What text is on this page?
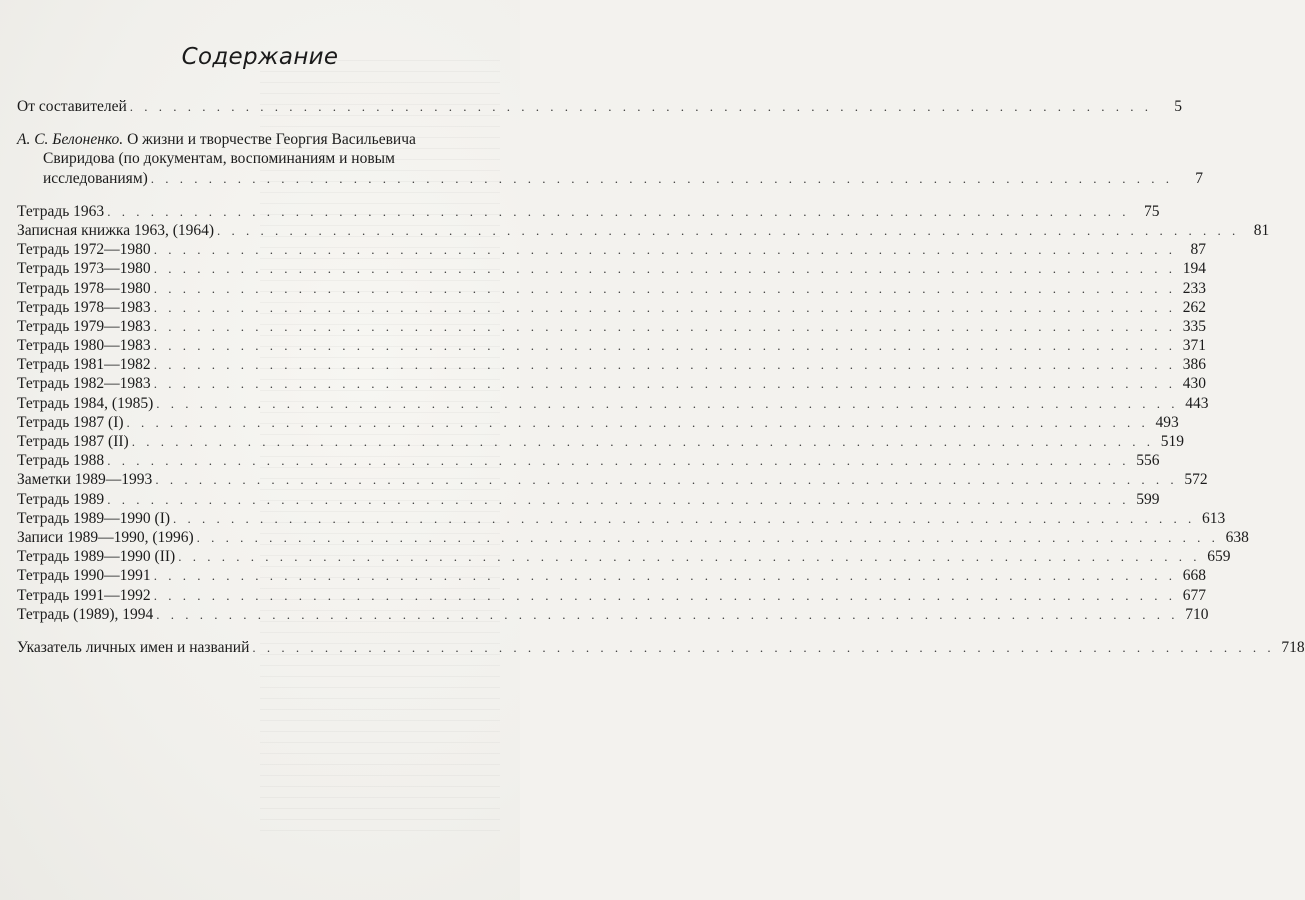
Содержание
От составителей . . . . . . . . . . . . . . . . . . . . . . . . . . . . . . . . . . . . . . . . . . . . . . . . . . . . . . . . . . . . . . . . . . . . . . .	5
А. С. Белоненко. О жизни и творчестве Георгия Васильевича
Свиридова (по документам, воспоминаниям и новым
исследованиям) . . . . . . . . . . . . . . . . . . . . . . . . . . . . . . . . . . . . . . . . . . . . . . . . . . . . . . . . . . . . . . . . . . . . . . .	7
Тетрадь 1963 . . . . . . . . . . . . . . . . . . . . . . . . . . . . . . . . . . . . . . . . . . . . . . . . . . . . . . . . . . . . . . . . . . . . . . . 75
Записная книжка 1963, (1964) . . . . . . . . . . . . . . . . . . . . . . . . . . . . . . . . . . . . . . . . . . . . . . . . . . . . . . . . . . . . . . . . . . . . . . . 81
Тетрадь 1972—1980 . . . . . . . . . . . . . . . . . . . . . . . . . . . . . . . . . . . . . . . . . . . . . . . . . . . . . . . . . . . . . . . . . . . . . . . 87
Тетрадь 1973—1980 . . . . . . . . . . . . . . . . . . . . . . . . . . . . . . . . . . . . . . . . . . . . . . . . . . . . . . . . . . . . . . . . . . . . . . . 194
Тетрадь 1978—1980 . . . . . . . . . . . . . . . . . . . . . . . . . . . . . . . . . . . . . . . . . . . . . . . . . . . . . . . . . . . . . . . . . . . . . . . 233
Тетрадь 1978—1983 . . . . . . . . . . . . . . . . . . . . . . . . . . . . . . . . . . . . . . . . . . . . . . . . . . . . . . . . . . . . . . . . . . . . . . . 262
Тетрадь 1979—1983 . . . . . . . . . . . . . . . . . . . . . . . . . . . . . . . . . . . . . . . . . . . . . . . . . . . . . . . . . . . . . . . . . . . . . . . 335
Тетрадь 1980—1983 . . . . . . . . . . . . . . . . . . . . . . . . . . . . . . . . . . . . . . . . . . . . . . . . . . . . . . . . . . . . . . . . . . . . . . . 371
Тетрадь 1981—1982 . . . . . . . . . . . . . . . . . . . . . . . . . . . . . . . . . . . . . . . . . . . . . . . . . . . . . . . . . . . . . . . . . . . . . . . 386
Тетрадь 1982—1983 . . . . . . . . . . . . . . . . . . . . . . . . . . . . . . . . . . . . . . . . . . . . . . . . . . . . . . . . . . . . . . . . . . . . . . . 430
Тетрадь 1984, (1985) . . . . . . . . . . . . . . . . . . . . . . . . . . . . . . . . . . . . . . . . . . . . . . . . . . . . . . . . . . . . . . . . . . . . . . . 443
Тетрадь 1987 (I) . . . . . . . . . . . . . . . . . . . . . . . . . . . . . . . . . . . . . . . . . . . . . . . . . . . . . . . . . . . . . . . . . . . . . . . 493
Тетрадь 1987 (II) . . . . . . . . . . . . . . . . . . . . . . . . . . . . . . . . . . . . . . . . . . . . . . . . . . . . . . . . . . . . . . . . . . . . . . . 519
Тетрадь 1988 . . . . . . . . . . . . . . . . . . . . . . . . . . . . . . . . . . . . . . . . . . . . . . . . . . . . . . . . . . . . . . . . . . . . . . . 556
Заметки 1989—1993 . . . . . . . . . . . . . . . . . . . . . . . . . . . . . . . . . . . . . . . . . . . . . . . . . . . . . . . . . . . . . . . . . . . . . . . 572
Тетрадь 1989 . . . . . . . . . . . . . . . . . . . . . . . . . . . . . . . . . . . . . . . . . . . . . . . . . . . . . . . . . . . . . . . . . . . . . . . 599
Тетрадь 1989—1990 (I) . . . . . . . . . . . . . . . . . . . . . . . . . . . . . . . . . . . . . . . . . . . . . . . . . . . . . . . . . . . . . . . . . . . . . . . 613
Записи 1989—1990, (1996) . . . . . . . . . . . . . . . . . . . . . . . . . . . . . . . . . . . . . . . . . . . . . . . . . . . . . . . . . . . . . . . . . . . . . . . 638
Тетрадь 1989—1990 (II) . . . . . . . . . . . . . . . . . . . . . . . . . . . . . . . . . . . . . . . . . . . . . . . . . . . . . . . . . . . . . . . . . . . . . . . 659
Тетрадь 1990—1991 . . . . . . . . . . . . . . . . . . . . . . . . . . . . . . . . . . . . . . . . . . . . . . . . . . . . . . . . . . . . . . . . . . . . . . . 668
Тетрадь 1991—1992 . . . . . . . . . . . . . . . . . . . . . . . . . . . . . . . . . . . . . . . . . . . . . . . . . . . . . . . . . . . . . . . . . . . . . . . 677
Тетрадь (1989), 1994 . . . . . . . . . . . . . . . . . . . . . . . . . . . . . . . . . . . . . . . . . . . . . . . . . . . . . . . . . . . . . . . . . . . . . . . 710
Указатель личных имен и названий . . . . . . . . . . . . . . . . . . . . . . . . . . . . . . . . . . . . . . . . . . . . . . . . . . . . . . . . . . . . . . . . . . . . . . . 718
